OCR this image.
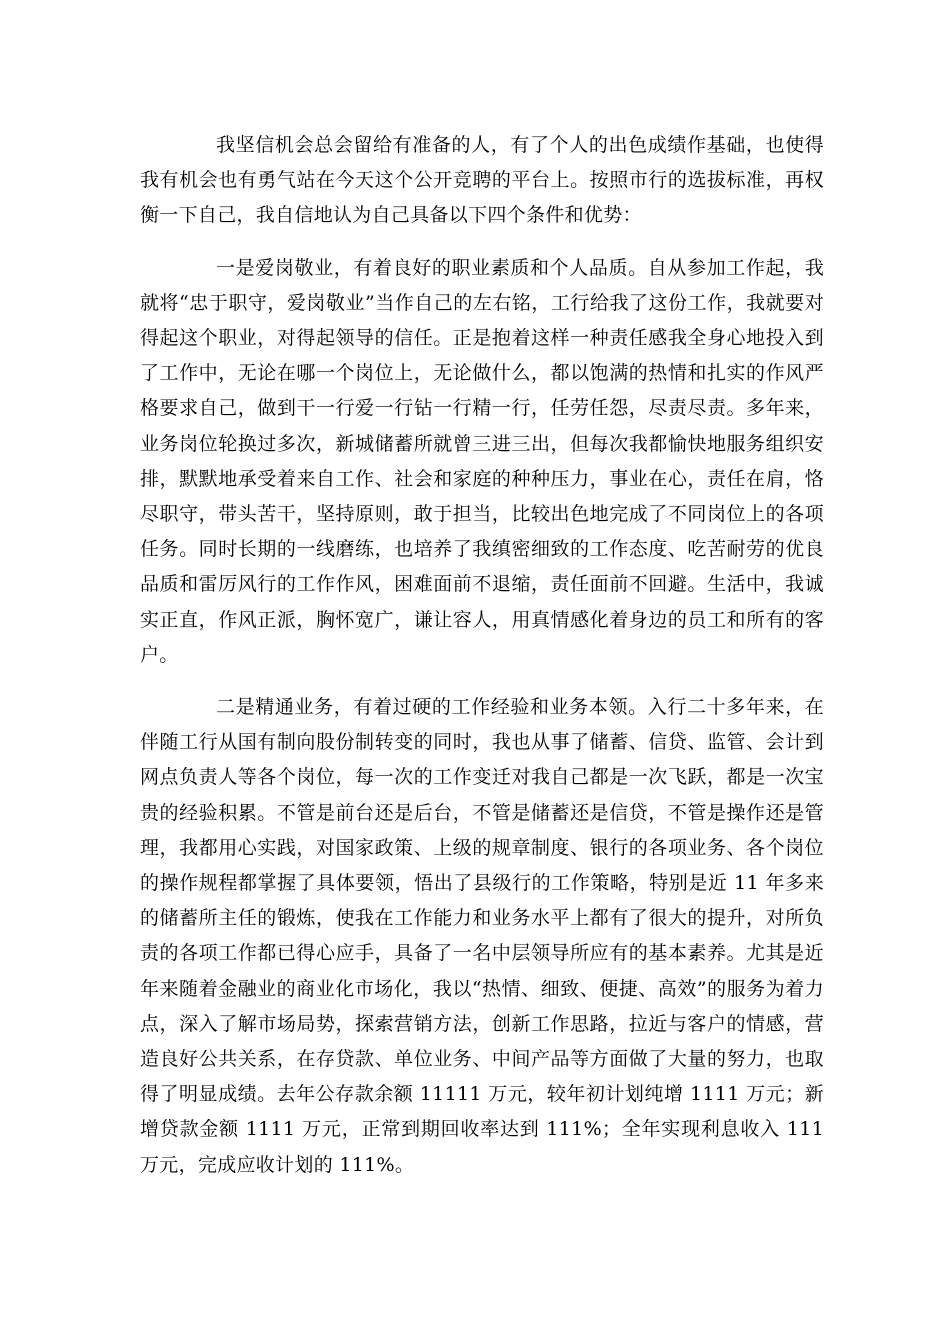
我坚信机会总会留给有准备的人，有了个人的出色成绩作基础，也使得我有机会也有勇气站在今天这个公开竞聘的平台上。按照市行的选拔标准，再权衡一下自己，我自信地认为自己具备以下四个条件和优势：

一是爱岗敬业，有着良好的职业素质和个人品质。自从参加工作起，我就将“忠于职守，爱岗敬业”当作自己的左右铭，工行给我了这份工作，我就要对得起这个职业，对得起领导的信任。正是抱着这样一种责任感我全身心地投入到了工作中，无论在哪一个岗位上，无论做什么，都以饱满的热情和扎实的作风严格要求自己，做到干一行爱一行钻一行精一行，任劳任怨，尽责尽责。多年来，业务岗位轮换过多次，新城储蓄所就曾三进三出，但每次我都愉快地服务组织安排，默默地承受着来自工作、社会和家庭的种种压力，事业在心，责任在肩，恪尽职守，带头苦干，坚持原则，敢于担当，比较出色地完成了不同岗位上的各项任务。同时长期的一线磨练，也培养了我缜密细致的工作态度、吃苦耐劳的优良品质和雷厉风行的工作作风，困难面前不退缩，责任面前不回避。生活中，我诚实正直，作风正派，胸怀宽广，谦让容人，用真情感化着身边的员工和所有的客户。

二是精通业务，有着过硬的工作经验和业务本领。入行二十多年来，在伴随工行从国有制向股份制转变的同时，我也从事了储蓄、信贷、监管、会计到网点负责人等各个岗位，每一次的工作变迁对我自己都是一次飞跃，都是一次宝贵的经验积累。不管是前台还是后台，不管是储蓄还是信贷，不管是操作还是管理，我都用心实践，对国家政策、上级的规章制度、银行的各项业务、各个岗位的操作规程都掌握了具体要领，悟出了县级行的工作策略，特别是近 11 年多来的储蓄所主任的锻炼，使我在工作能力和业务水平上都有了很大的提升，对所负责的各项工作都已得心应手，具备了一名中层领导所应有的基本素养。尤其是近年来随着金融业的商业化市场化，我以“热情、细致、便捷、高效”的服务为着力点，深入了解市场局势，探索营销方法，创新工作思路，拉近与客户的情感，营造良好公共关系，在存贷款、单位业务、中间产品等方面做了大量的努力，也取得了明显成绩。去年公存款余额 11111 万元，较年初计划纯增 1111 万元；新增贷款金额 1111 万元，正常到期回收率达到 111%；全年实现利息收入 111 万元，完成应收计划的 111%。
